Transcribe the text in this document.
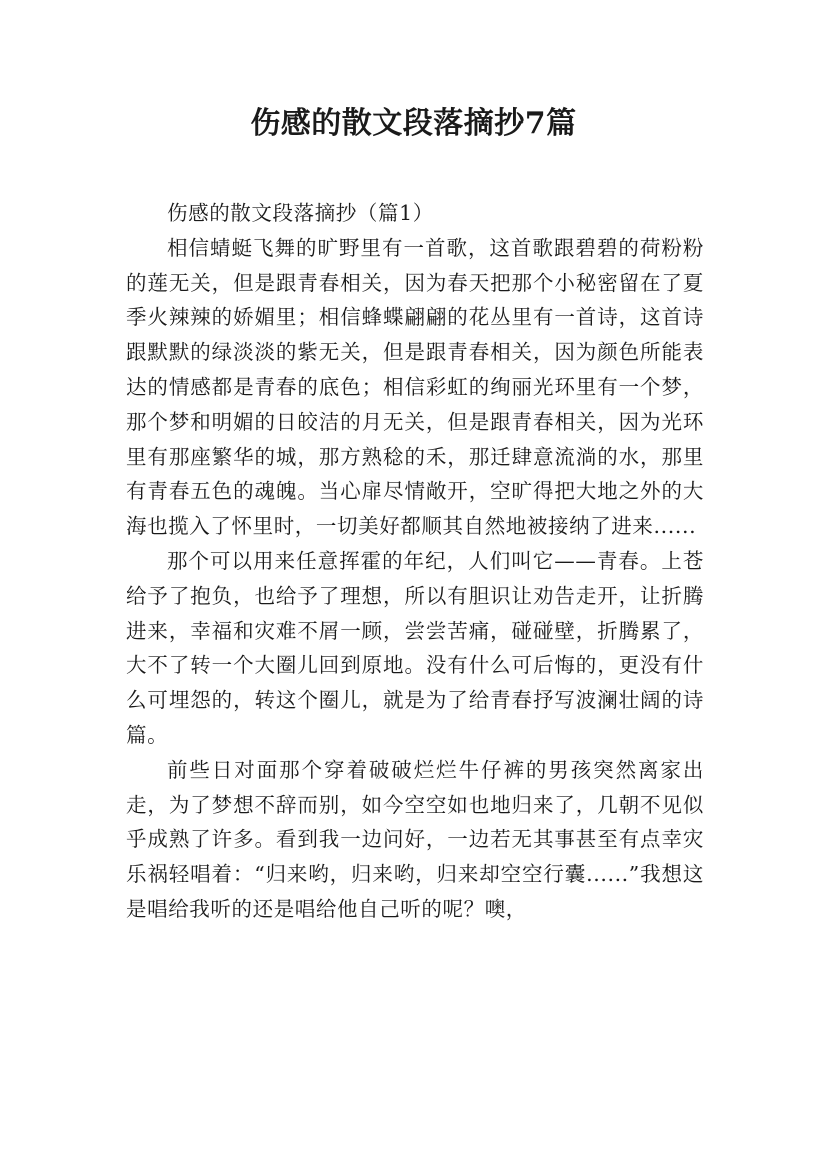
伤感的散文段落摘抄7篇

伤感的散文段落摘抄（篇1）

相信蜻蜓飞舞的旷野里有一首歌，这首歌跟碧碧的荷粉粉的莲无关，但是跟青春相关，因为春天把那个小秘密留在了夏季火辣辣的娇媚里；相信蜂蝶翩翩的花丛里有一首诗，这首诗跟默默的绿淡淡的紫无关，但是跟青春相关，因为颜色所能表达的情感都是青春的底色；相信彩虹的绚丽光环里有一个梦，那个梦和明媚的日皎洁的月无关，但是跟青春相关，因为光环里有那座繁华的城，那方熟稔的禾，那迁肆意流淌的水，那里有青春五色的魂魄。当心扉尽情敞开，空旷得把大地之外的大海也揽入了怀里时，一切美好都顺其自然地被接纳了进来......

那个可以用来任意挥霍的年纪，人们叫它——青春。上苍给予了抱负，也给予了理想，所以有胆识让劝告走开，让折腾进来，幸福和灾难不屑一顾，尝尝苦痛，碰碰壁，折腾累了，大不了转一个大圈儿回到原地。没有什么可后悔的，更没有什么可埋怨的，转这个圈儿，就是为了给青春抒写波澜壮阔的诗篇。

前些日对面那个穿着破破烂烂牛仔裤的男孩突然离家出走，为了梦想不辞而别，如今空空如也地归来了，几朝不见似乎成熟了许多。看到我一边问好，一边若无其事甚至有点幸灾乐祸轻唱着：“归来哟，归来哟，归来却空空行囊......”我想这是唱给我听的还是唱给他自己听的呢？噢，
